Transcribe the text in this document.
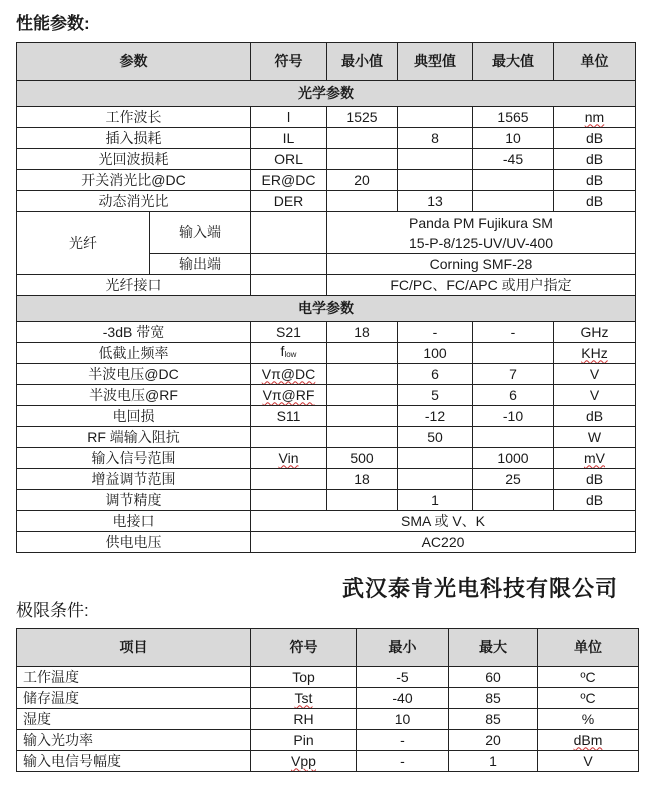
性能参数:
参数		符号	最小值	典型值	最大值	单位
光学参数						
工作波长		l	1525		1565	nm
插入损耗		IL		8	10	dB
光回波损耗		ORL			-45	dB
开关消光比@DC		ER@DC	20			dB
动态消光比		DER		13		dB
光纤	输入端		Panda PM Fujikura SM
15-P-8/125-UV/UV-400			

	输出端		Corning SMF-28			
光纤接口			FC/PC、FC/APC 或用户指定			
电学参数						
-3dB 带宽		S21	18	-	-	GHz
低截止频率		$f_{low}$		100		KHz
半波电压@DC		Vπ@DC		6	7	V
半波电压@RF		Vπ@RF		5	6	V
电回损		S11		-12	-10	dB
RF 端输入阻抗				50		W
输入信号范围		Vin	500		1000	mV
增益调节范围			18		25	dB
调节精度				1		dB
电接口		SMA 或 V、K				
供电电压		AC220				
武汉泰肯光电科技有限公司
极限条件:
项目	符号	最小	最大	单位
工作温度	Top	-5	60	ºC
储存温度	Tst	-40	85	ºC
湿度	RH	10	85	%
输入光功率	Pin	-	20	dBm
输入电信号幅度	Vpp	-	1	V
